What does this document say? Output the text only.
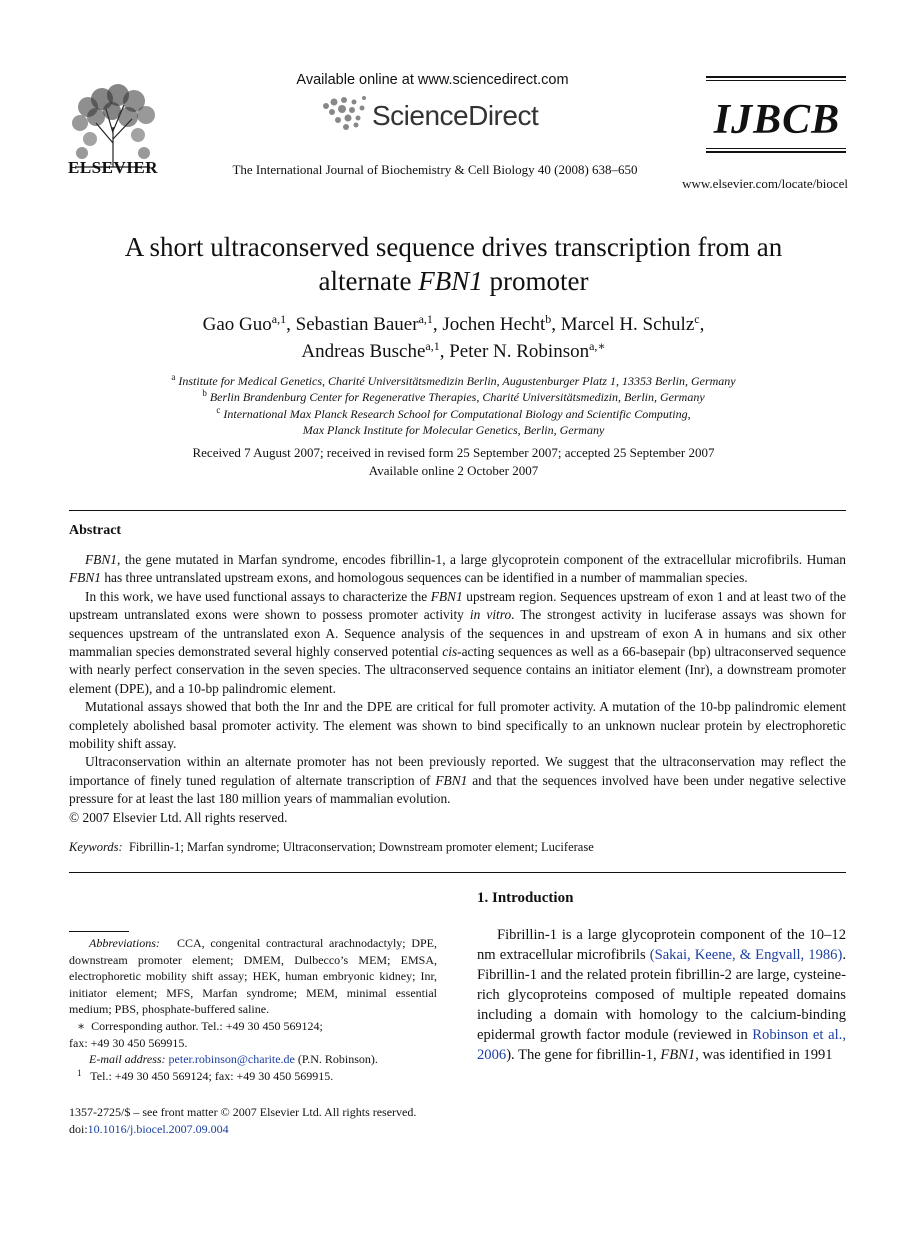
ELSEVIER
Available online at www.sciencedirect.com
ScienceDirect
The International Journal of Biochemistry & Cell Biology 40 (2008) 638–650
IJBCB
www.elsevier.com/locate/biocel
A short ultraconserved sequence drives transcription from an
alternate FBN1 promoter
Gao Guo$^{a,1}$, Sebastian Bauer$^{a,1}$, Jochen Hecht$^b$, Marcel H. Schulz$^c$,
Andreas Busche$^{a,1}$, Peter N. Robinson$^{a,∗}$
$^a$ Institute for Medical Genetics, Charité Universitätsmedizin Berlin, Augustenburger Platz 1, 13353 Berlin, Germany
$^b$ Berlin Brandenburg Center for Regenerative Therapies, Charité Universitätsmedizin, Berlin, Germany
$^c$ International Max Planck Research School for Computational Biology and Scientific Computing,
Max Planck Institute for Molecular Genetics, Berlin, Germany
Received 7 August 2007; received in revised form 25 September 2007; accepted 25 September 2007
Available online 2 October 2007
Abstract

FBN1, the gene mutated in Marfan syndrome, encodes fibrillin-1, a large glycoprotein component of the extracellular microfibrils. Human FBN1 has three untranslated upstream exons, and homologous sequences can be identified in a number of mammalian species.

In this work, we have used functional assays to characterize the FBN1 upstream region. Sequences upstream of exon 1 and at least two of the upstream untranslated exons were shown to possess promoter activity in vitro. The strongest activity in luciferase assays was shown for sequences upstream of the untranslated exon A. Sequence analysis of the sequences in and upstream of exon A in humans and six other mammalian species demonstrated several highly conserved potential cis-acting sequences as well as a 66-basepair (bp) ultraconserved sequence with nearly perfect conservation in the seven species. The ultraconserved sequence contains an initiator element (Inr), a downstream promoter element (DPE), and a 10-bp palindromic element.

Mutational assays showed that both the Inr and the DPE are critical for full promoter activity. A mutation of the 10-bp palindromic element completely abolished basal promoter activity. The element was shown to bind specifically to an unknown nuclear protein by electrophoretic mobility shift assay.

Ultraconservation within an alternate promoter has not been previously reported. We suggest that the ultraconservation may reflect the importance of finely tuned regulation of alternate transcription of FBN1 and that the sequences involved have been under negative selective pressure for at least the last 180 million years of mammalian evolution.

© 2007 Elsevier Ltd. All rights reserved.

Keywords: Fibrillin-1; Marfan syndrome; Ultraconservation; Downstream promoter element; Luciferase

Abbreviations: CCA, congenital contractural arachnodactyly; DPE, downstream promoter element; DMEM, Dulbecco’s MEM; EMSA, electrophoretic mobility shift assay; HEK, human embryonic kidney; Inr, initiator element; MFS, Marfan syndrome; MEM, minimal essential medium; PBS, phosphate-buffered saline.

∗ Corresponding author. Tel.: +49 30 450 569124;

fax: +49 30 450 569915.

E-mail address: peter.robinson@charite.de (P.N. Robinson).

$^1$ Tel.: +49 30 450 569124; fax: +49 30 450 569915.

1357-2725/$ – see front matter © 2007 Elsevier Ltd. All rights reserved.
doi:10.1016/j.biocel.2007.09.004
1. Introduction

Fibrillin-1 is a large glycoprotein component of the 10–12 nm extracellular microfibrils (Sakai, Keene, & Engvall, 1986). Fibrillin-1 and the related protein fibrillin-2 are large, cysteine-rich glycoproteins composed of multiple repeated domains including a domain with homology to the calcium-binding epidermal growth factor module (reviewed in Robinson et al., 2006). The gene for fibrillin-1, FBN1, was identified in 1991
